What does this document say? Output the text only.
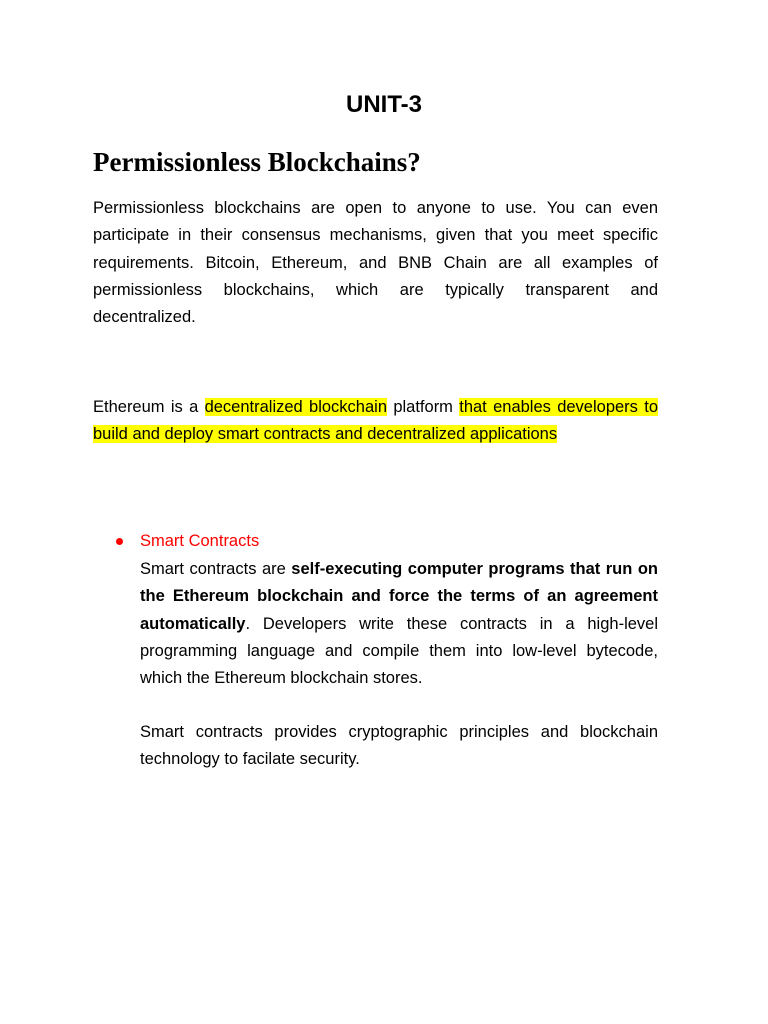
UNIT-3
Permissionless Blockchains?

Permissionless blockchains are open to anyone to use. You can even participate in their consensus mechanisms, given that you meet specific requirements. Bitcoin, Ethereum, and BNB Chain are all examples of permissionless blockchains, which are typically transparent and decentralized.

Ethereum is a decentralized blockchain platform that enables developers to build and deploy smart contracts and decentralized applications

Smart Contracts

Smart contracts are self-executing computer programs that run on the Ethereum blockchain and force the terms of an agreement automatically. Developers write these contracts in a high-level programming language and compile them into low-level bytecode, which the Ethereum blockchain stores.

Smart contracts provides cryptographic principles and blockchain technology to facilate security.
